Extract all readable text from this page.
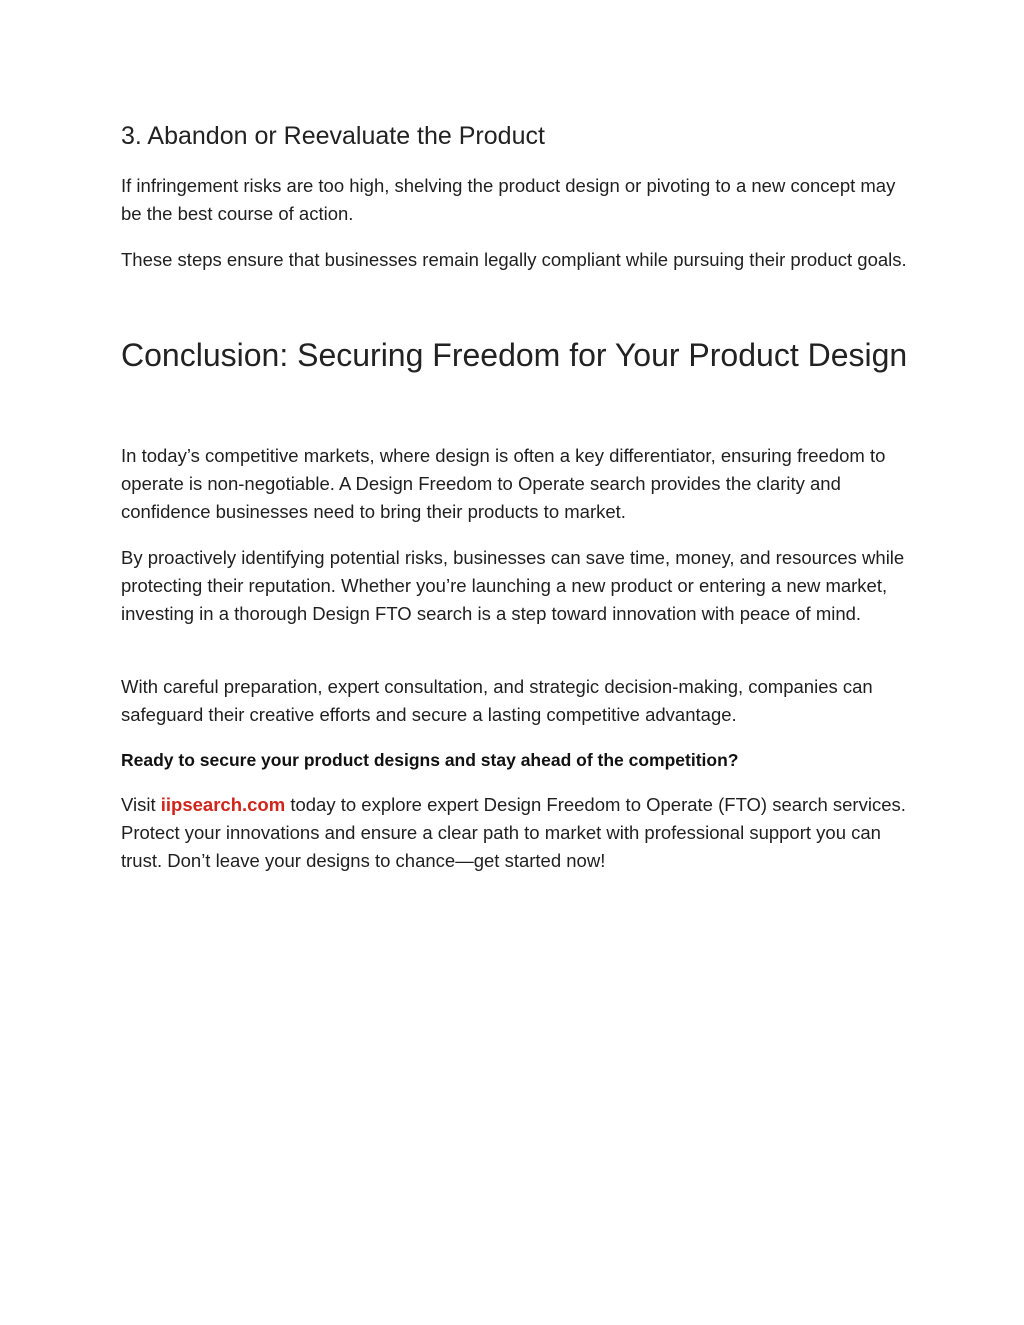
3. Abandon or Reevaluate the Product

If infringement risks are too high, shelving the product design or pivoting to a new concept may be the best course of action.

These steps ensure that businesses remain legally compliant while pursuing their product goals.

Conclusion: Securing Freedom for Your Product Design

In today’s competitive markets, where design is often a key differentiator, ensuring freedom to operate is non-negotiable. A Design Freedom to Operate search provides the clarity and confidence businesses need to bring their products to market.

By proactively identifying potential risks, businesses can save time, money, and resources while protecting their reputation. Whether you’re launching a new product or entering a new market, investing in a thorough Design FTO search is a step toward innovation with peace of mind.

With careful preparation, expert consultation, and strategic decision-making, companies can safeguard their creative efforts and secure a lasting competitive advantage.

Ready to secure your product designs and stay ahead of the competition?

Visit iipsearch.com today to explore expert Design Freedom to Operate (FTO) search services. Protect your innovations and ensure a clear path to market with professional support you can trust. Don’t leave your designs to chance—get started now!
